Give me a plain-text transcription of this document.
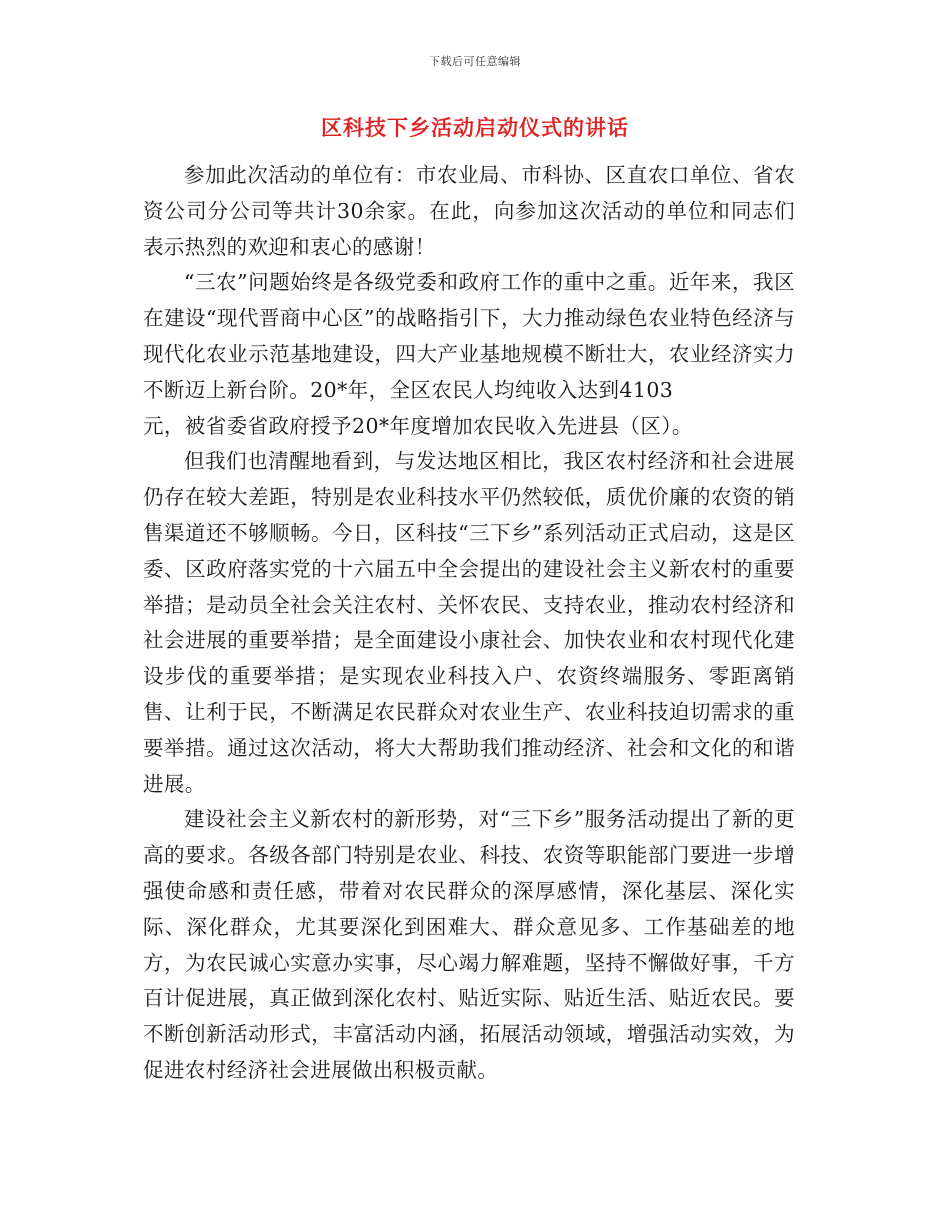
下载后可任意编辑
区科技下乡活动启动仪式的讲话

参加此次活动的单位有：市农业局、市科协、区直农口单位、省农资公司分公司等共计30余家。在此，向参加这次活动的单位和同志们表示热烈的欢迎和衷心的感谢！

“三农”问题始终是各级党委和政府工作的重中之重。近年来，我区在建设“现代晋商中心区”的战略指引下，大力推动绿色农业特色经济与现代化农业示范基地建设，四大产业基地规模不断壮大，农业经济实力不断迈上新台阶。20*年，全区农民人均纯收入达到4103

元，被省委省政府授予20*年度增加农民收入先进县（区）。

但我们也清醒地看到，与发达地区相比，我区农村经济和社会进展仍存在较大差距，特别是农业科技水平仍然较低，质优价廉的农资的销售渠道还不够顺畅。今日，区科技“三下乡”系列活动正式启动，这是区委、区政府落实党的十六届五中全会提出的建设社会主义新农村的重要举措；是动员全社会关注农村、关怀农民、支持农业，推动农村经济和社会进展的重要举措；是全面建设小康社会、加快农业和农村现代化建设步伐的重要举措；是实现农业科技入户、农资终端服务、零距离销售、让利于民，不断满足农民群众对农业生产、农业科技迫切需求的重要举措。通过这次活动，将大大帮助我们推动经济、社会和文化的和谐进展。

建设社会主义新农村的新形势，对“三下乡”服务活动提出了新的更高的要求。各级各部门特别是农业、科技、农资等职能部门要进一步增强使命感和责任感，带着对农民群众的深厚感情，深化基层、深化实际、深化群众，尤其要深化到困难大、群众意见多、工作基础差的地方，为农民诚心实意办实事，尽心竭力解难题，坚持不懈做好事，千方百计促进展，真正做到深化农村、贴近实际、贴近生活、贴近农民。要不断创新活动形式，丰富活动内涵，拓展活动领域，增强活动实效，为促进农村经济社会进展做出积极贡献。
